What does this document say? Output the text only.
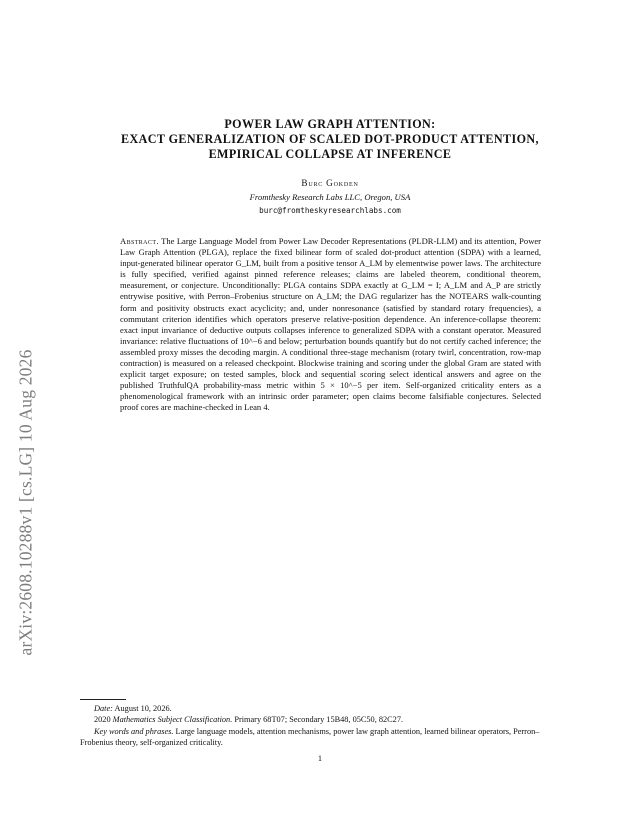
arXiv:2608.10288v1 [cs.LG] 10 Aug 2026
POWER LAW GRAPH ATTENTION:
EXACT GENERALIZATION OF SCALED DOT-PRODUCT ATTENTION,
EMPIRICAL COLLAPSE AT INFERENCE
Burc Gokden
Fromthesky Research Labs LLC, Oregon, USA
burc@fromtheskyresearchlabs.com
Abstract. The Large Language Model from Power Law Decoder Representations (PLDR-LLM) and its attention, Power Law Graph Attention (PLGA), replace the fixed bilinear form of scaled dot-product attention (SDPA) with a learned, input-generated bilinear operator G_LM, built from a positive tensor A_LM by elementwise power laws. The architecture is fully specified, verified against pinned reference releases; claims are labeled theorem, conditional theorem, measurement, or conjecture. Unconditionally: PLGA contains SDPA exactly at G_LM = I; A_LM and A_P are strictly entrywise positive, with Perron–Frobenius structure on A_LM; the DAG regularizer has the NOTEARS walk-counting form and positivity obstructs exact acyclicity; and, under nonresonance (satisfied by standard rotary frequencies), a commutant criterion identifies which operators preserve relative-position dependence. An inference-collapse theorem: exact input invariance of deductive outputs collapses inference to generalized SDPA with a constant operator. Measured invariance: relative fluctuations of 10^−6 and below; perturbation bounds quantify but do not certify cached inference; the assembled proxy misses the decoding margin. A conditional three-stage mechanism (rotary twirl, concentration, row-map contraction) is measured on a released checkpoint. Blockwise training and scoring under the global Gram are stated with explicit target exposure; on tested samples, block and sequential scoring select identical answers and agree on the published TruthfulQA probability-mass metric within 5 × 10^−5 per item. Self-organized criticality enters as a phenomenological framework with an intrinsic order parameter; open claims become falsifiable conjectures. Selected proof cores are machine-checked in Lean 4.
Date: August 10, 2026.
2020 Mathematics Subject Classification. Primary 68T07; Secondary 15B48, 05C50, 82C27.
Key words and phrases. Large language models, attention mechanisms, power law graph attention, learned bilinear operators, Perron–Frobenius theory, self-organized criticality.
1
